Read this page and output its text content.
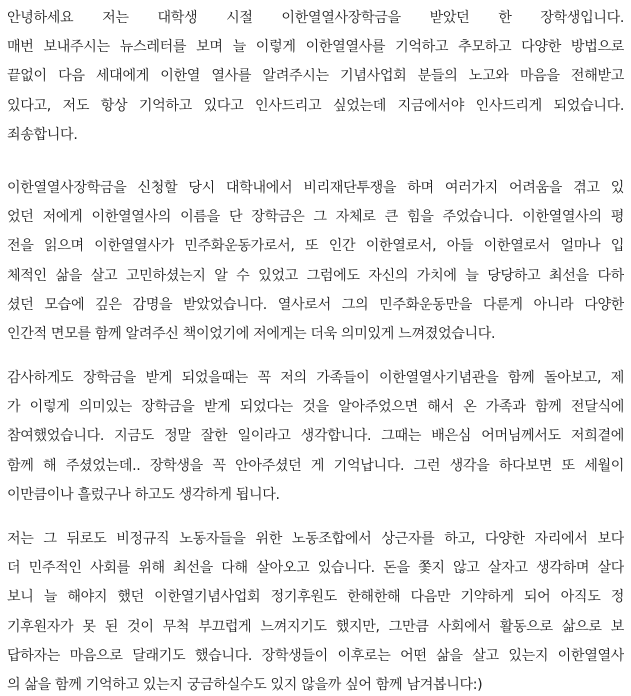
안녕하세요 저는 대학생 시절 이한열열사장학금을 받았던 한 장학생입니다.
매번 보내주시는 뉴스레터를 보며 늘 이렇게 이한열열사를 기억하고 추모하고 다양한 방법으로
끝없이 다음 세대에게 이한열 열사를 알려주시는 기념사업회 분들의 노고와 마음을 전해받고
있다고, 저도 항상 기억하고 있다고 인사드리고 싶었는데 지금에서야 인사드리게 되었습니다.
죄송합니다.
이한열열사장학금을 신청할 당시 대학내에서 비리재단투쟁을 하며 여러가지 어려움을 겪고 있
었던 저에게 이한열열사의 이름을 단 장학금은 그 자체로 큰 힘을 주었습니다. 이한열열사의 평
전을 읽으며 이한열열사가 민주화운동가로서, 또 인간 이한열로서, 아들 이한열로서 얼마나 입
체적인 삶을 살고 고민하셨는지 알 수 있었고 그럼에도 자신의 가치에 늘 당당하고 최선을 다하
셨던 모습에 깊은 감명을 받았었습니다. 열사로서 그의 민주화운동만을 다룬게 아니라 다양한
인간적 면모를 함께 알려주신 책이었기에 저에게는 더욱 의미있게 느껴졌었습니다.
감사하게도 장학금을 받게 되었을때는 꼭 저의 가족들이 이한열열사기념관을 함께 돌아보고, 제
가 이렇게 의미있는 장학금을 받게 되었다는 것을 알아주었으면 해서 온 가족과 함께 전달식에
참여했었습니다. 지금도 정말 잘한 일이라고 생각합니다. 그때는 배은심 어머님께서도 저희곁에
함께 해 주셨었는데.. 장학생을 꼭 안아주셨던 게 기억납니다. 그런 생각을 하다보면 또 세월이
이만큼이나 흘렀구나 하고도 생각하게 됩니다.
저는 그 뒤로도 비정규직 노동자들을 위한 노동조합에서 상근자를 하고, 다양한 자리에서 보다
더 민주적인 사회를 위해 최선을 다해 살아오고 있습니다. 돈을 쫓지 않고 살자고 생각하며 살다
보니 늘 해야지 했던 이한열기념사업회 정기후원도 한해한해 다음만 기약하게 되어 아직도 정
기후원자가 못 된 것이 무척 부끄럽게 느껴지기도 했지만, 그만큼 사회에서 활동으로 삶으로 보
답하자는 마음으로 달래기도 했습니다. 장학생들이 이후로는 어떤 삶을 살고 있는지 이한열열사
의 삶을 함께 기억하고 있는지 궁금하실수도 있지 않을까 싶어 함께 남겨봅니다:)
